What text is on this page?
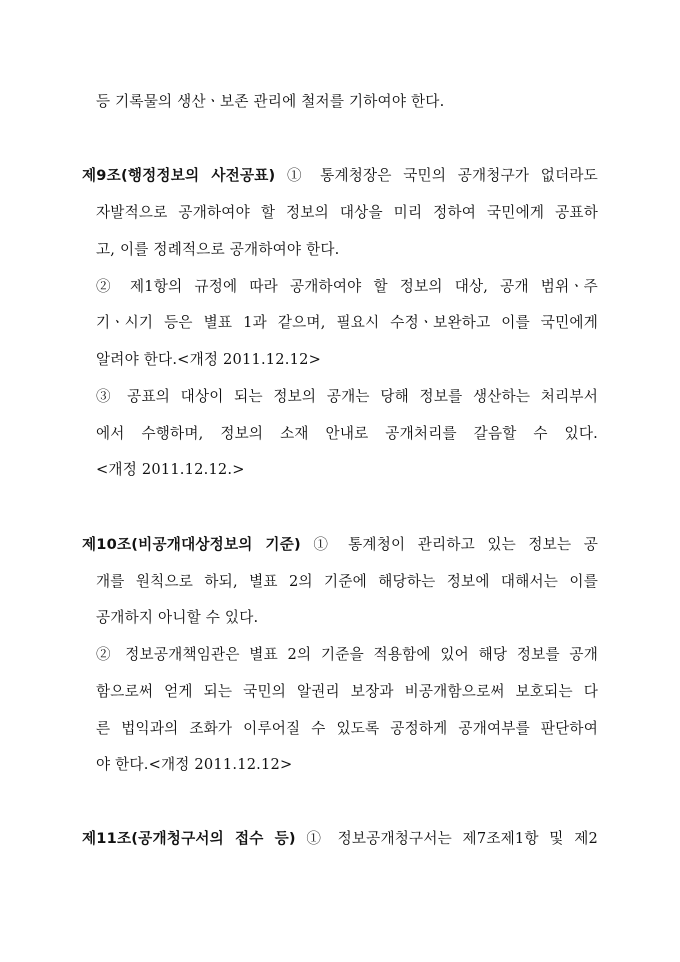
등 기록물의 생산ㆍ보존 관리에 철저를 기하여야 한다.
제9조(행정정보의 사전공표) ① 통계청장은 국민의 공개청구가 없더라도
자발적으로 공개하여야 할 정보의 대상을 미리 정하여 국민에게 공표하
고, 이를 정례적으로 공개하여야 한다.
② 제1항의 규정에 따라 공개하여야 할 정보의 대상, 공개 범위ㆍ주
기ㆍ시기 등은 별표 1과 같으며, 필요시 수정ㆍ보완하고 이를 국민에게
알려야 한다.<개정 2011.12.12>
③ 공표의 대상이 되는 정보의 공개는 당해 정보를 생산하는 처리부서
에서 수행하며, 정보의 소재 안내로 공개처리를 갈음할 수 있다.
<개정 2011.12.12.>
제10조(비공개대상정보의 기준) ① 통계청이 관리하고 있는 정보는 공
개를 원칙으로 하되, 별표 2의 기준에 해당하는 정보에 대해서는 이를
공개하지 아니할 수 있다.
② 정보공개책임관은 별표 2의 기준을 적용함에 있어 해당 정보를 공개
함으로써 얻게 되는 국민의 알권리 보장과 비공개함으로써 보호되는 다
른 법익과의 조화가 이루어질 수 있도록 공정하게 공개여부를 판단하여
야 한다.<개정 2011.12.12>
제11조(공개청구서의 접수 등) ① 정보공개청구서는 제7조제1항 및 제2
